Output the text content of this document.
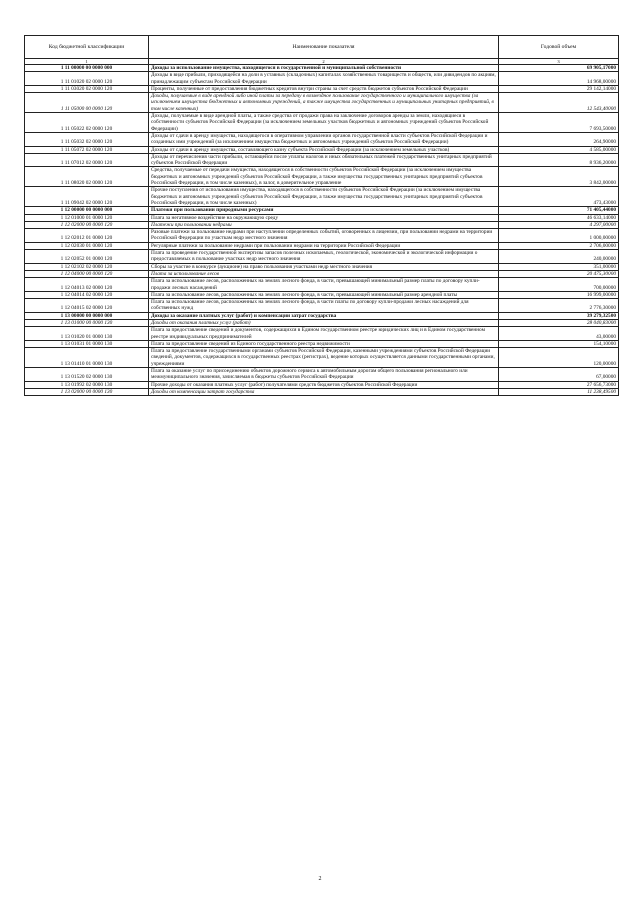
Код бюджетной классификации	Наименование показателя	Годовой объем
1	2	3
1 11 00000 00 0000 000	Доходы за использование имущества, находящегося в государственной и муниципальной собственности	69 905,17000
1 11 01020 02 0000 120	Доходы в виде прибыли, приходящейся на доли в уставных (складочных) капиталах хозяйственных товариществ и обществ, или дивидендов по акциям, принадлежащим субъектам Российской Федерации	14 968,00000
1 11 03020 02 0000 120	Проценты, полученные от предоставления бюджетных кредитов внутри страны за счет средств бюджетов субъектов Российской Федерации	29 142,14000
1 11 05000 00 0000 120	Доходы, получаемые в виде арендной либо иной платы за передачу в возмездное пользование государственного и муниципального имущества (за исключением имущества бюджетных и автономных учреждений, а также имущества государственных и муниципальных унитарных предприятий, в том числе казенных)	12 543,40000
1 11 05022 02 0000 120	Доходы, получаемые в виде арендной платы, а также средства от продажи права на заключение договоров аренды за земли, находящиеся в собственности субъектов Российской Федерации (за исключением земельных участков бюджетных и автономных учреждений субъектов Российской Федерации)	7 693,50000
1 11 05032 02 0000 120	Доходы от сдачи в аренду имущества, находящегося в оперативном управлении органов государственной власти субъектов Российской Федерации и созданных ими учреждений (за исключением имущества бюджетных и автономных учреждений субъектов Российской Федерации)	264,90000
1 11 05072 02 0000 120	Доходы от сдачи в аренду имущества, составляющего казну субъекта Российской Федерации (за исключением земельных участков)	4 585,00000
1 11 07012 02 0000 120	Доходы от перечисления части прибыли, остающейся после уплаты налогов и иных обязательных платежей государственных унитарных предприятий субъектов Российской Федерации	8 936,20000
1 11 08020 02 0000 120	Средства, получаемые от передачи имущества, находящегося в собственности субъектов Российской Федерации (за исключением имущества бюджетных и автономных учреждений субъектов Российской Федерации, а также имущества государственных унитарных предприятий субъектов Российской Федерации, в том числе казенных), в залог, в доверительное управление	3 842,00000
1 11 09042 02 0000 120	Прочие поступления от использования имущества, находящегося в собственности субъектов Российской Федерации (за исключением имущества бюджетных и автономных учреждений субъектов Российской Федерации, а также имущества государственных унитарных предприятий субъектов Российской Федерации, в том числе казенных)	473,43000
1 12 00000 00 0000 000	Платежи при пользовании природными ресурсами	71 405,44000
1 12 01000 01 0000 120	Плата за негативное воздействие на окружающую среду	46 633,14000
1 12 02000 00 0000 120	Платежи при пользовании недрами	4 297,00000
1 12 02012 01 0000 120	Разовые платежи за пользование недрами при наступлении определенных событий, оговоренных в лицензии, при пользовании недрами на территории Российской Федерации по участкам недр местного значения	1 000,00000
1 12 02030 01 0000 120	Регулярные платежи за пользование недрами при пользовании недрами на территории Российской Федерации	2 706,00000
1 12 02052 01 0000 120	Плата за проведение государственной экспертизы запасов полезных ископаемых, геологической, экономической и экологической информации о предоставляемых в пользование участках недр местного значения	240,00000
1 12 02102 02 0000 120	Сборы за участие в конкурсе (аукционе) на право пользования участками недр местного значения	351,00000
1 12 04000 00 0000 120	Плата за использование лесов	20 475,30000
1 12 04013 02 0000 120	Плата за использование лесов, расположенных на землях лесного фонда, в части, превышающей минимальный размер платы по договору купли-продажи лесных насаждений	700,00000
1 12 04014 02 0000 120	Плата за использование лесов, расположенных на землях лесного фонда, в части, превышающей минимальный размер арендной платы	16 999,00000
1 12 04015 02 0000 120	Плата за использование лесов, расположенных на землях лесного фонда, в части платы по договору купли-продажи лесных насаждений для собственных нужд	2 776,30000
1 13 00000 00 0000 000	Доходы за оказание платных услуг (работ) и компенсации затрат государства	39 279,32500
1 13 01000 00 0000 130	Доходы от оказания платных услуг (работ)	28 040,83000
1 13 01020 01 0000 130	Плата за предоставление сведений и документов, содержащихся в Едином государственном реестре юридических лиц и в Едином государственном реестре индивидуальных предпринимателей	43,00000
1 13 01031 01 0000 130	Плата за предоставление сведений из Единого государственного реестра недвижимости	154,10000
1 13 01410 01 0000 130	Плата за предоставление государственными органами субъектов Российской Федерации, казенными учреждениями субъектов Российской Федерации сведений, документов, содержащихся в государственных реестрах (регистрах), ведение которых осуществляется данными государственными органами, учреждениями	120,00000
1 13 01520 02 0000 130	Плата за оказание услуг по присоединению объектов дорожного сервиса к автомобильным дорогам общего пользования регионального или межмуниципального значения, зачисляемая в бюджеты субъектов Российской Федерации	67,00000
1 13 01992 02 0000 130	Прочие доходы от оказания платных услуг (работ) получателями средств бюджетов субъектов Российской Федерации	27 656,73000
1 13 02000 00 0000 130	Доходы от компенсации затрат государства	11 238,49500
2
